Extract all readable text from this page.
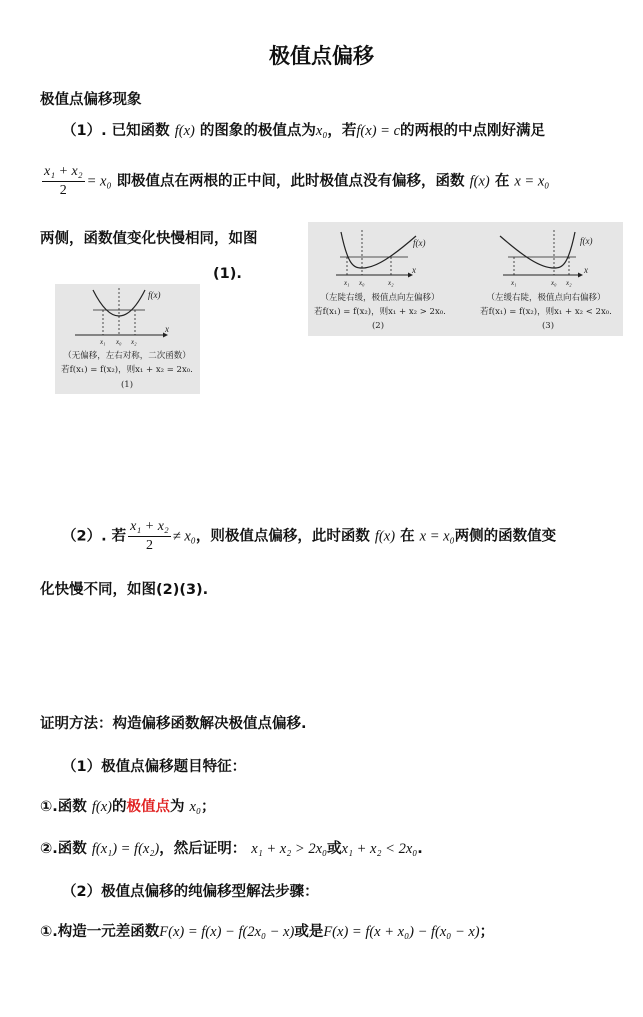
极值点偏移
极值点偏移现象
（1）. 已知函数 f(x) 的图象的极值点为x₀，若f(x) = c的两根的中点刚好满足
$\frac{\text{x₁ + x₂}}{2} = x_0$ 即极值点在两根的正中间，此时极值点没有偏移，函数 f(x) 在 x = x₀
两侧，函数值变化快慢相同，如图
(1).
f(x)
x
x₁ x₀ x₂
（无偏移，左右对称，二次函数）
若f(x₁) = f(x₂)，则x₁ + x₂ = 2x₀.
(1)
f(x)
x
x₁ x₀	x₂
（左陡右缓，极值点向左偏移）
若f(x₁) = f(x₂)，则x₁ + x₂ > 2x₀.
(2)
f(x)
x
x₁	x₀ x₂
（左缓右陡，极值点向右偏移）
若f(x₁) = f(x₂)，则x₁ + x₂ < 2x₀.
(3)
（2）. 若 $\frac{\text{x₁ + x₂}}{2} \ne x_0$，则极值点偏移，此时函数 f(x) 在 x = x₀两侧的函数值变
化快慢不同，如图(2)(3).
证明方法：构造偏移函数解决极值点偏移.
（1）极值点偏移题目特征：
①.函数 f(x)的极值点为 x₀；
②.函数 f(x₁) = f(x₂)，然后证明： x₁ + x₂ > 2x₀或x₁ + x₂ < 2x₀.
（2）极值点偏移的纯偏移型解法步骤：
①.构造一元差函数F(x) = f(x) − f(2x₀ − x)或是F(x) = f(x + x₀) − f(x₀ − x)；
